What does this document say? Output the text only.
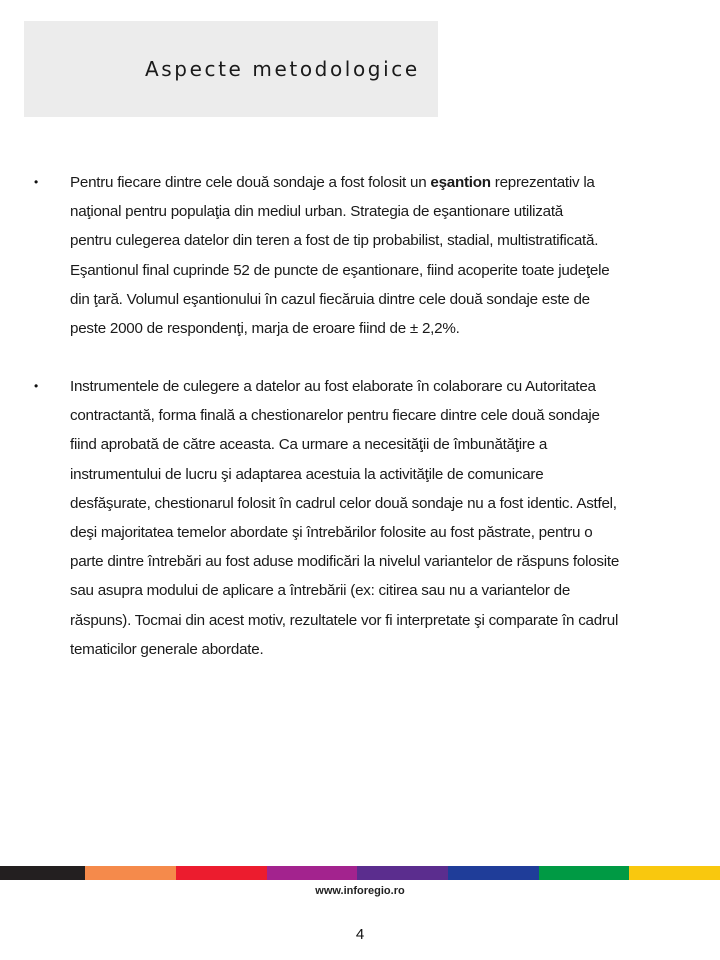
Aspecte metodologice
• Pentru fiecare dintre cele două sondaje a fost folosit un eşantion reprezentativ la
naţional pentru populaţia din mediul urban. Strategia de eşantionare utilizată
pentru culegerea datelor din teren a fost de tip probabilist, stadial, multistratificată.
Eşantionul final cuprinde 52 de puncte de eşantionare, fiind acoperite toate judeţele
din ţară. Volumul eşantionului în cazul fiecăruia dintre cele două sondaje este de
peste 2000 de respondenţi, marja de eroare fiind de ± 2,2%.
• Instrumentele de culegere a datelor au fost elaborate în colaborare cu Autoritatea
contractantă, forma finală a chestionarelor pentru fiecare dintre cele două sondaje
fiind aprobată de către aceasta. Ca urmare a necesităţii de îmbunătăţire a
instrumentului de lucru şi adaptarea acestuia la activităţile de comunicare
desfăşurate, chestionarul folosit în cadrul celor două sondaje nu a fost identic. Astfel,
deşi majoritatea temelor abordate şi întrebărilor folosite au fost păstrate, pentru o
parte dintre întrebări au fost aduse modificări la nivelul variantelor de răspuns folosite
sau asupra modului de aplicare a întrebării (ex: citirea sau nu a variantelor de
răspuns). Tocmai din acest motiv, rezultatele vor fi interpretate şi comparate în cadrul
tematicilor generale abordate.
www.inforegio.ro
4
